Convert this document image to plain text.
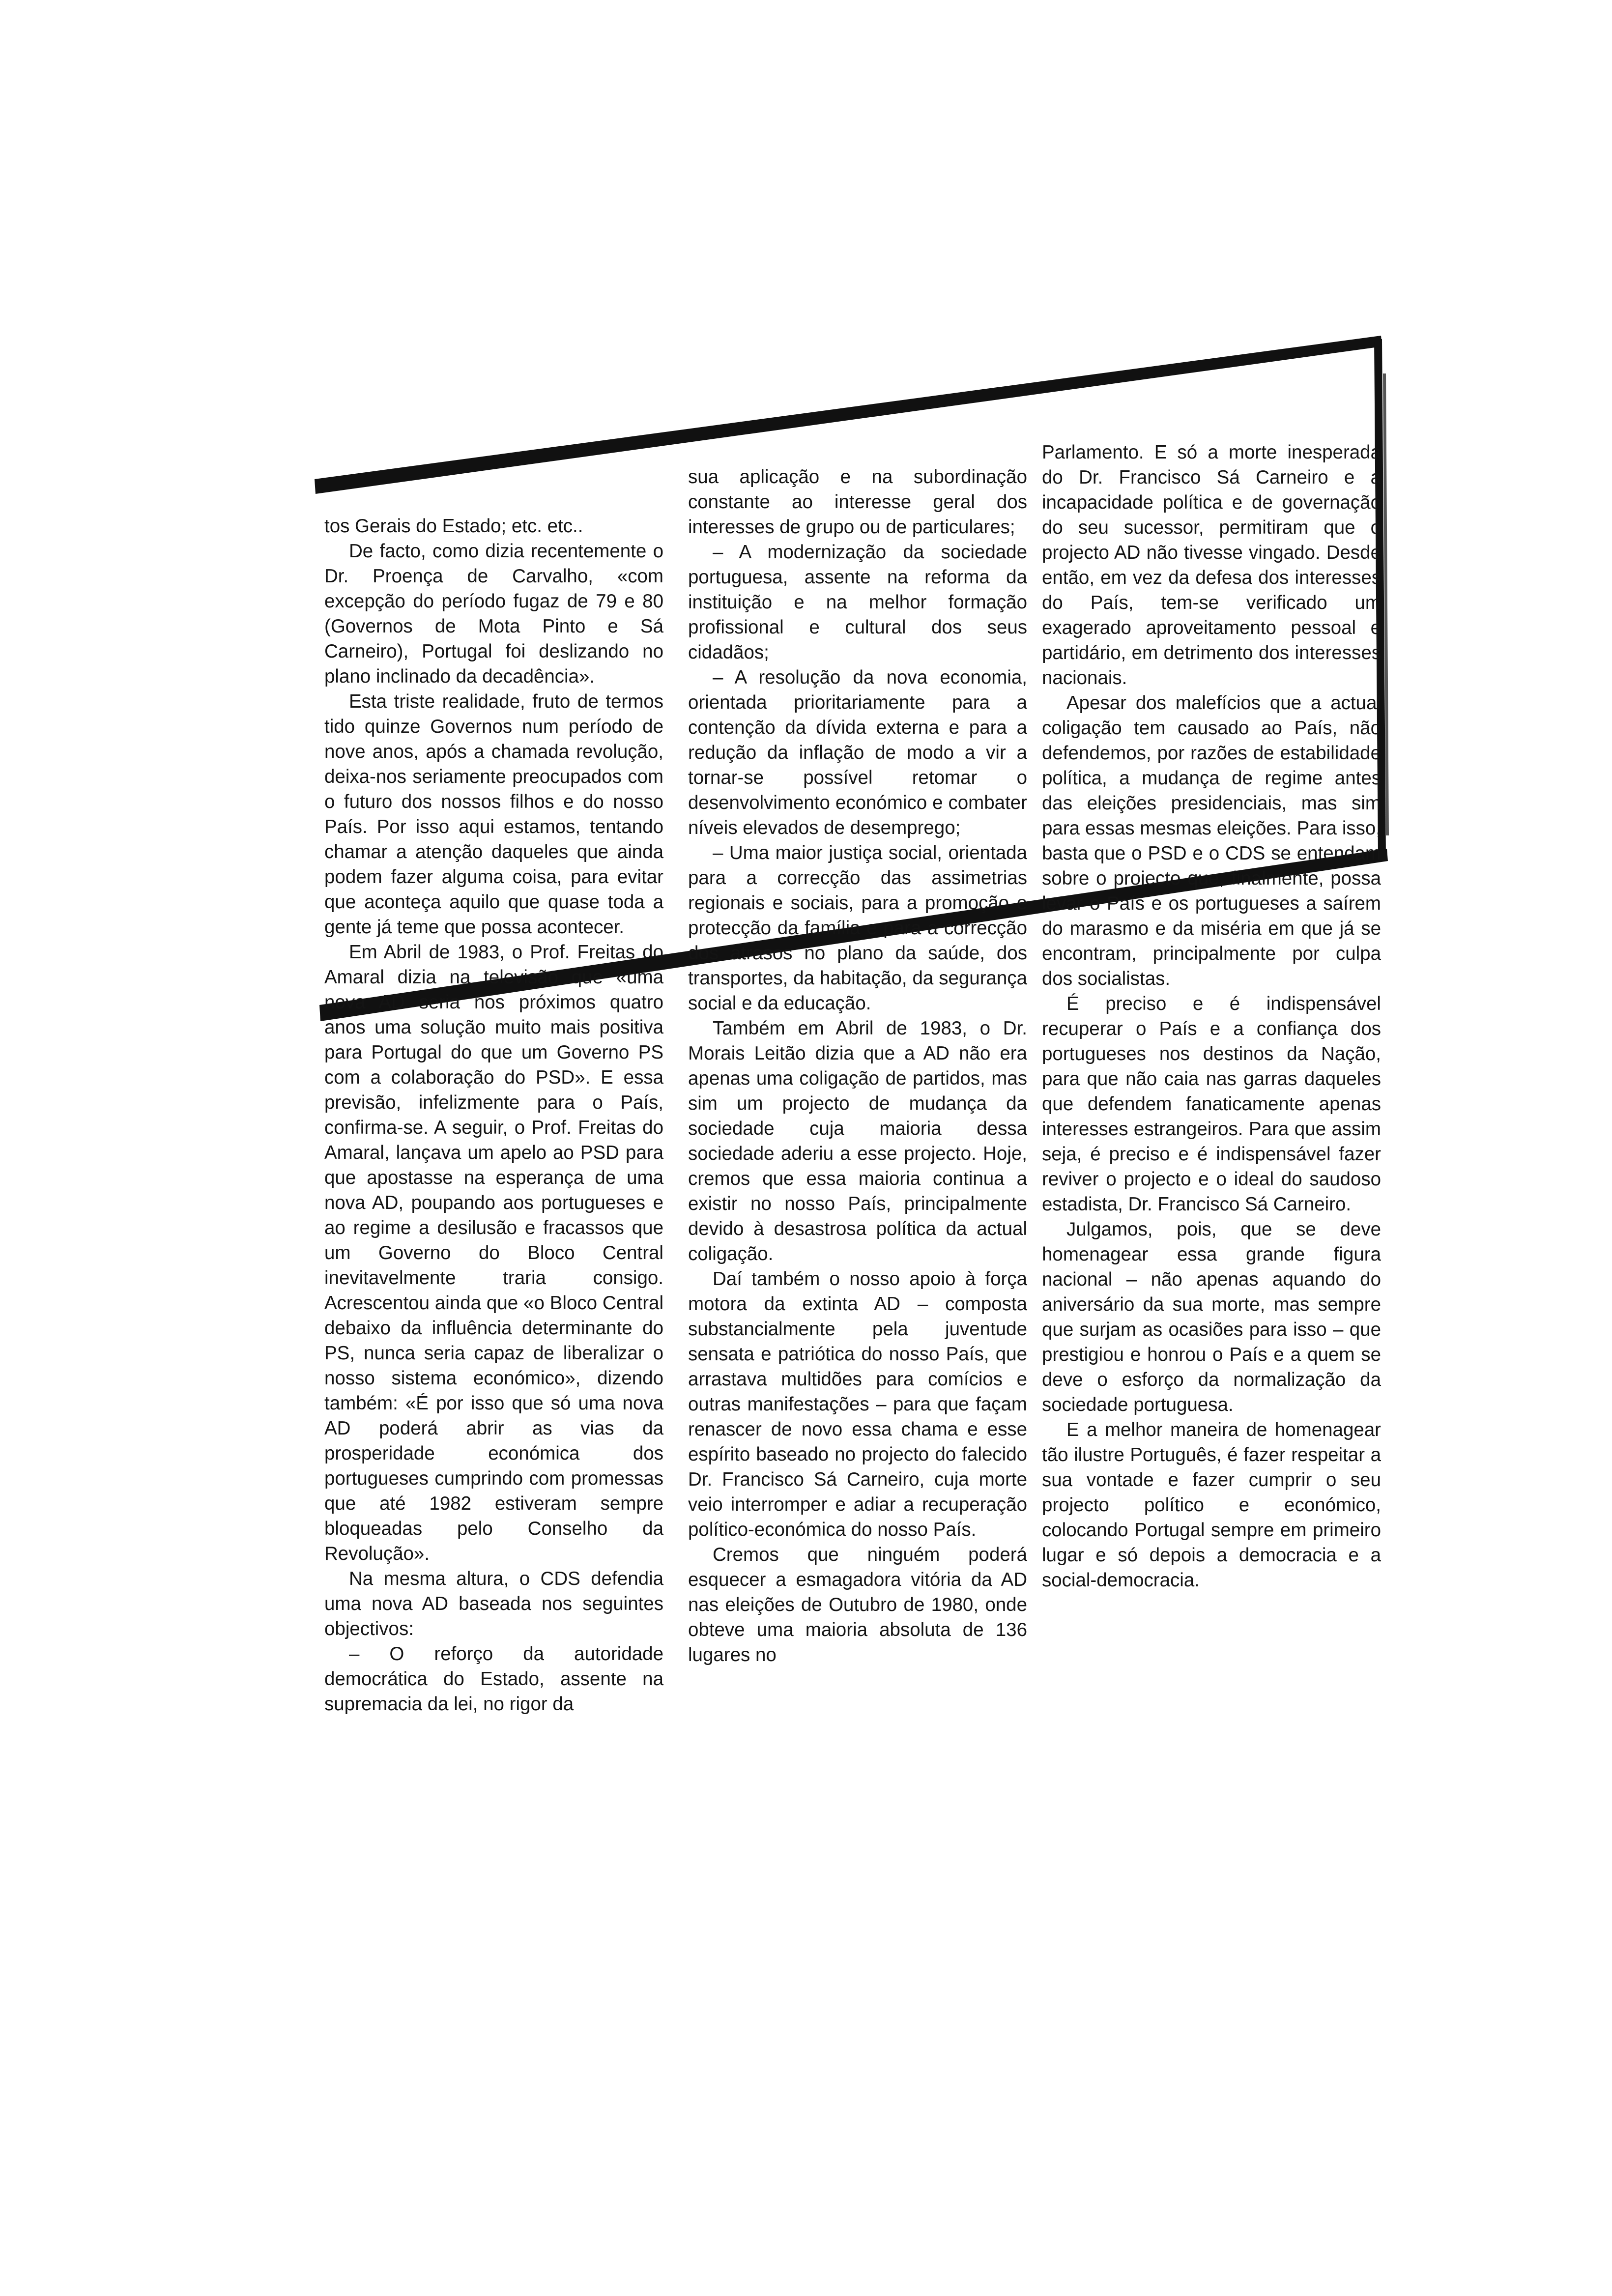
tos Gerais do Estado; etc. etc..

De facto, como dizia recentemente o Dr. Proença de Carvalho, «com excepção do período fugaz de 79 e 80 (Governos de Mota Pinto e Sá Carneiro), Portugal foi deslizando no plano inclinado da decadência».

Esta triste realidade, fruto de termos tido quinze Governos num período de nove anos, após a chamada revolução, deixa-nos seriamente preocupados com o futuro dos nossos filhos e do nosso País. Por isso aqui estamos, tentando chamar a atenção daqueles que ainda podem fazer alguma coisa, para evitar que aconteça aquilo que quase toda a gente já teme que possa acontecer.

Em Abril de 1983, o Prof. Freitas do Amaral dizia na televisão que «uma nova AD seria nos próximos quatro anos uma solução muito mais positiva para Portugal do que um Governo PS com a colaboração do PSD». E essa previsão, infelizmente para o País, confirma-se. A seguir, o Prof. Freitas do Amaral, lançava um apelo ao PSD para que apostasse na esperança de uma nova AD, poupando aos portugueses e ao regime a desilusão e fracassos que um Governo do Bloco Central inevitavelmente traria consigo. Acrescentou ainda que «o Bloco Central debaixo da influência determinante do PS, nunca seria capaz de liberalizar o nosso sistema económico», dizendo também: «É por isso que só uma nova AD poderá abrir as vias da prosperidade económica dos portugueses cumprindo com promessas que até 1982 estiveram sempre bloqueadas pelo Conselho da Revolução».

Na mesma altura, o CDS defendia uma nova AD baseada nos seguintes objectivos:

– O reforço da autoridade democrática do Estado, assente na supremacia da lei, no rigor da

sua aplicação e na subordinação constante ao interesse geral dos interesses de grupo ou de particulares;

– A modernização da sociedade portuguesa, assente na reforma da instituição e na melhor formação profissional e cultural dos seus cidadãos;

– A resolução da nova economia, orientada prioritariamente para a contenção da dívida externa e para a redução da inflação de modo a vir a tornar-se possível retomar o desenvolvimento económico e combater níveis elevados de desemprego;

– Uma maior justiça social, orientada para a correcção das assimetrias regionais e sociais, para a promoção e protecção da família e para a correcção dos atrasos no plano da saúde, dos transportes, da habitação, da segurança social e da educação.

Também em Abril de 1983, o Dr. Morais Leitão dizia que a AD não era apenas uma coligação de partidos, mas sim um projecto de mudança da sociedade cuja maioria dessa sociedade aderiu a esse projecto. Hoje, cremos que essa maioria continua a existir no nosso País, principalmente devido à desastrosa política da actual coligação.

Daí também o nosso apoio à força motora da extinta AD – composta substancialmente pela juventude sensata e patriótica do nosso País, que arrastava multidões para comícios e outras manifestações – para que façam renascer de novo essa chama e esse espírito baseado no projecto do falecido Dr. Francisco Sá Carneiro, cuja morte veio interromper e adiar a recuperação político-económica do nosso País.

Cremos que ninguém poderá esquecer a esmagadora vitória da AD nas eleições de Outubro de 1980, onde obteve uma maioria absoluta de 136 lugares no

Parlamento. E só a morte inesperada do Dr. Francisco Sá Carneiro e a incapacidade política e de governação do seu sucessor, permitiram que o projecto AD não tivesse vingado. Desde então, em vez da defesa dos interesses do País, tem-se verificado um exagerado aproveitamento pessoal e partidário, em detrimento dos interesses nacionais.

Apesar dos malefícios que a actual coligação tem causado ao País, não defendemos, por razões de estabilidade política, a mudança de regime antes das eleições presidenciais, mas sim para essas mesmas eleições. Para isso, basta que o PSD e o CDS se entendam sobre o projecto que, finalmente, possa levar o País e os portugueses a saírem do marasmo e da miséria em que já se encontram, principalmente por culpa dos socialistas.

É preciso e é indispensável recuperar o País e a confiança dos portugueses nos destinos da Nação, para que não caia nas garras daqueles que defendem fanaticamente apenas interesses estrangeiros. Para que assim seja, é preciso e é indispensável fazer reviver o projecto e o ideal do saudoso estadista, Dr. Francisco Sá Carneiro.

Julgamos, pois, que se deve homenagear essa grande figura nacional – não apenas aquando do aniversário da sua morte, mas sempre que surjam as ocasiões para isso – que prestigiou e honrou o País e a quem se deve o esforço da normalização da sociedade portuguesa.

E a melhor maneira de homenagear tão ilustre Português, é fazer respeitar a sua vontade e fazer cumprir o seu projecto político e económico, colocando Portugal sempre em primeiro lugar e só depois a democracia e a social-democracia.
